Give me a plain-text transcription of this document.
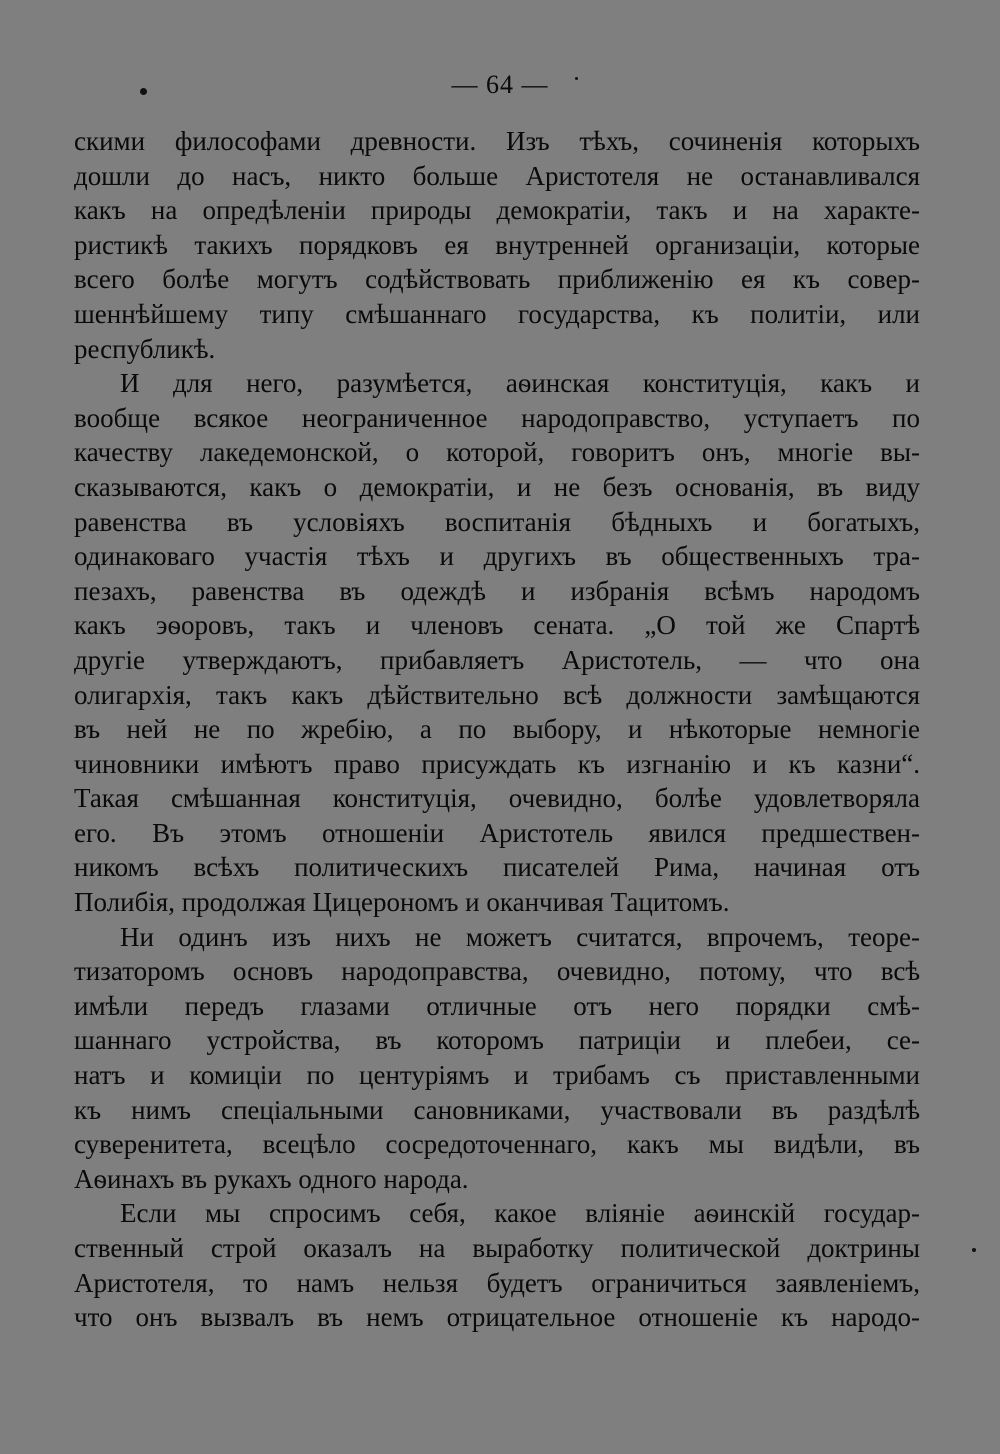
— 64 —
скими философами древности. Изъ тѣхъ, сочиненія которыхъ
дошли до насъ, никто больше Аристотеля не останавливался
какъ на опредѣленіи природы демократіи, такъ и на характе-
ристикѣ такихъ порядковъ ея внутренней организаціи, которые
всего болѣе могутъ содѣйствовать приближенію ея къ совер-
шеннѣйшему типу смѣшаннаго государства, къ политіи, или
республикѣ.
И для него, разумѣется, аѳинская конституція, какъ и
вообще всякое неограниченное народоправство, уступаетъ по
качеству лакедемонской, о которой, говоритъ онъ, многіе вы-
сказываются, какъ о демократіи, и не безъ основанія, въ виду
равенства въ условіяхъ воспитанія бѣдныхъ и богатыхъ,
одинаковаго участія тѣхъ и другихъ въ общественныхъ тра-
пезахъ, равенства въ одеждѣ и избранія всѣмъ народомъ
какъ эѳоровъ, такъ и членовъ сената. „О той же Спартѣ
другіе утверждаютъ, прибавляетъ Аристотель, — что она
олигархія, такъ какъ дѣйствительно всѣ должности замѣщаются
въ ней не по жребію, а по выбору, и нѣкоторые немногіе
чиновники имѣютъ право присуждать къ изгнанію и къ казни“.
Такая смѣшанная конституція, очевидно, болѣе удовлетворяла
его. Въ этомъ отношеніи Аристотель явился предшествен-
никомъ всѣхъ политическихъ писателей Рима, начиная отъ
Полибія, продолжая Цицерономъ и оканчивая Тацитомъ.
Ни одинъ изъ нихъ не можетъ считатся, впрочемъ, теоре-
тизаторомъ основъ народоправства, очевидно, потому, что всѣ
имѣли передъ глазами отличные отъ него порядки смѣ-
шаннаго устройства, въ которомъ патриціи и плебеи, се-
натъ и комиціи по центуріямъ и трибамъ съ приставленными
къ нимъ спеціальными сановниками, участвовали въ раздѣлѣ
суверенитета, всецѣло сосредоточеннаго, какъ мы видѣли, въ
Аѳинахъ въ рукахъ одного народа.
Если мы спросимъ себя, какое вліяніе аѳинскій государ-
ственный строй оказалъ на выработку политической доктрины
Аристотеля, то намъ нельзя будетъ ограничиться заявленіемъ,
что онъ вызвалъ въ немъ отрицательное отношеніе къ народо-
